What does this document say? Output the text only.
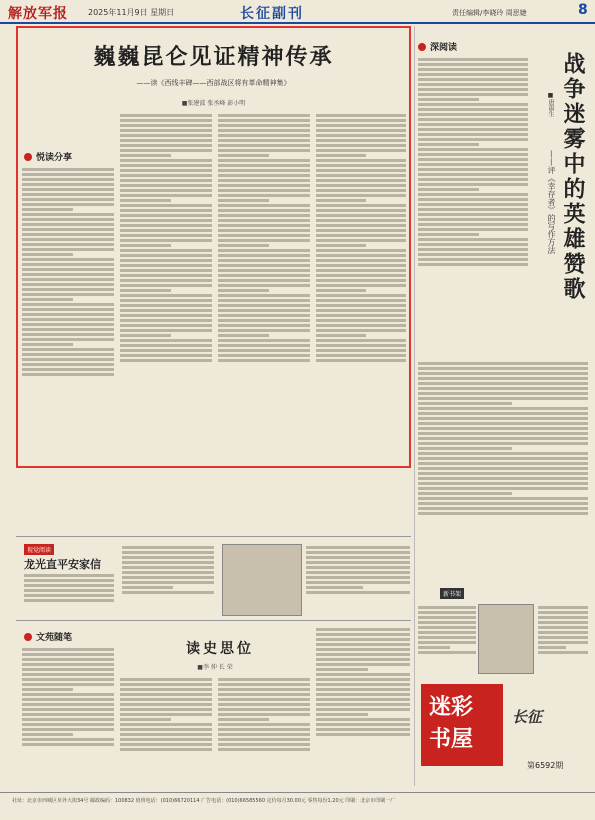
解放军报	2025年11月9日 星期日	长征副刊	责任编辑/李晓玲 周思婕	8
巍巍昆仑见证精神传承
——读《西线丰碑——西部战区将有革命精神集》
■张建波 张丞峰 彭小明
悦读分享
深阅读
战争迷雾中的英雄赞歌
——评《幸存者》的写作方法
■唐雨生
视觉阅读
龙光直平安家信
文苑随笔
读史思位
■李 仲 长 荣
新书架
迷彩
书屋
长征
第6592期
社址：北京市西城区阜外大街34号 邮政编码：100832 值班电话：(010)66720114 广告电话：(010)66585560 定价每月30.00元 零售每份1.20元 印刷：北京市印刷一厂
